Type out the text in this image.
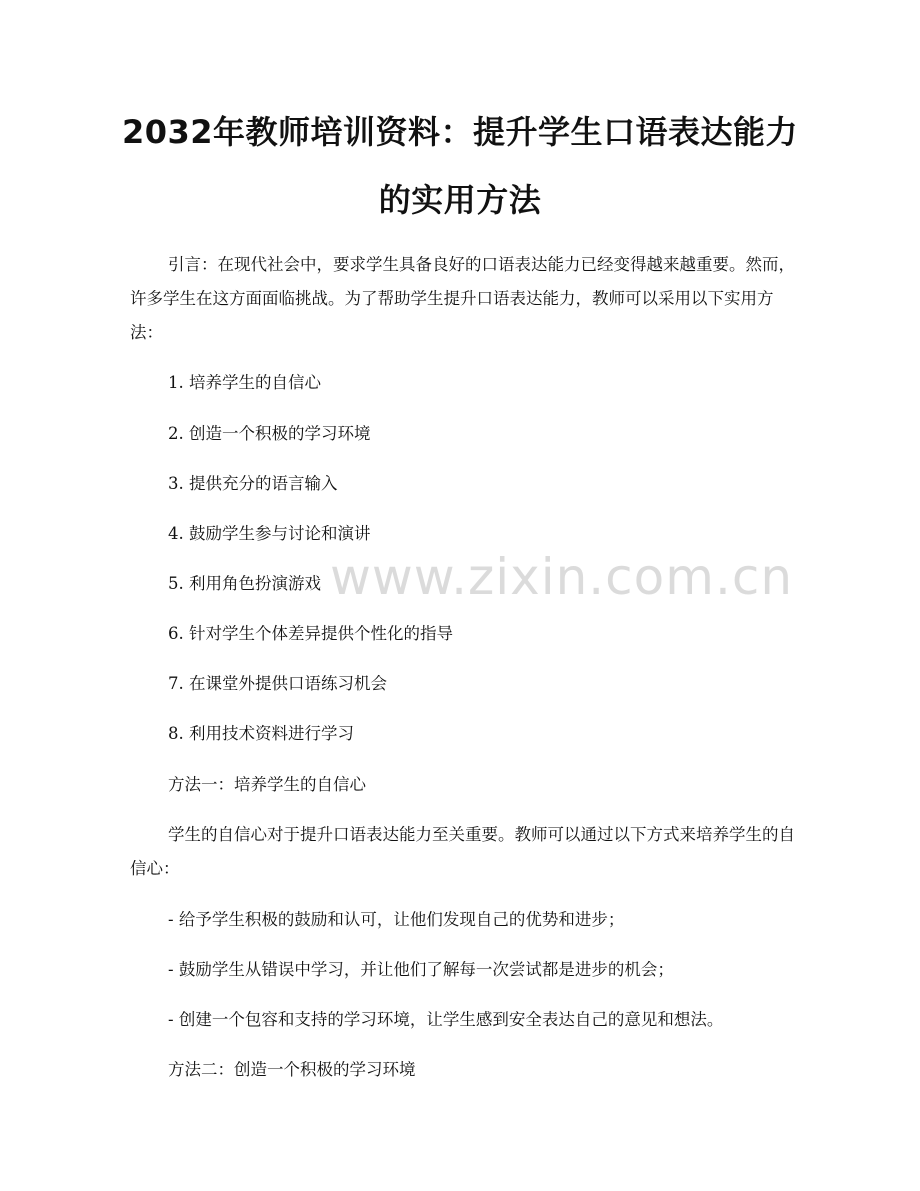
2032年教师培训资料：提升学生口语表达能力的实用方法

引言：在现代社会中，要求学生具备良好的口语表达能力已经变得越来越重要。然而，许多学生在这方面面临挑战。为了帮助学生提升口语表达能力，教师可以采用以下实用方法：

1. 培养学生的自信心

2. 创造一个积极的学习环境

3. 提供充分的语言输入

4. 鼓励学生参与讨论和演讲

5. 利用角色扮演游戏

6. 针对学生个体差异提供个性化的指导

7. 在课堂外提供口语练习机会

8. 利用技术资料进行学习

方法一：培养学生的自信心

学生的自信心对于提升口语表达能力至关重要。教师可以通过以下方式来培养学生的自信心：

- 给予学生积极的鼓励和认可，让他们发现自己的优势和进步；

- 鼓励学生从错误中学习，并让他们了解每一次尝试都是进步的机会；

- 创建一个包容和支持的学习环境，让学生感到安全表达自己的意见和想法。

方法二：创造一个积极的学习环境

www.zixin.com.cn
